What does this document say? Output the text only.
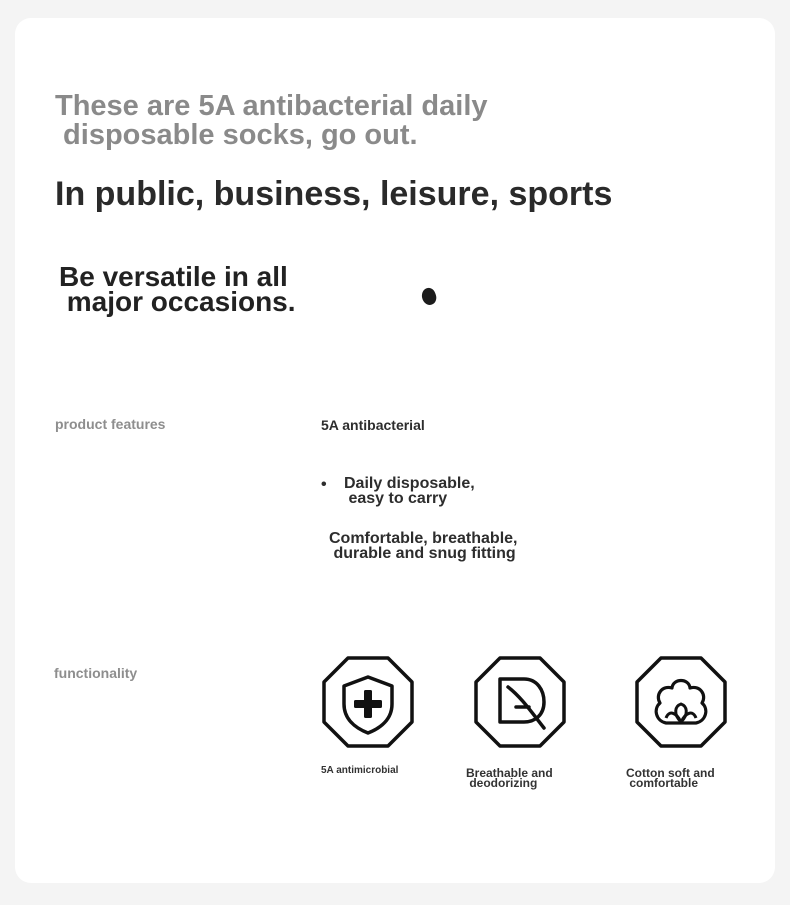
These are 5A antibacterial daily
disposable socks, go out.
In public, business, leisure, sports
Be versatile in all
major occasions.
product features	5A antibacterial
• Daily disposable,
easy to carry
Comfortable, breathable,
durable and snug fitting
functionality
5A antimicrobial	Breathable and
deodorizing
Cotton soft and
comfortable
